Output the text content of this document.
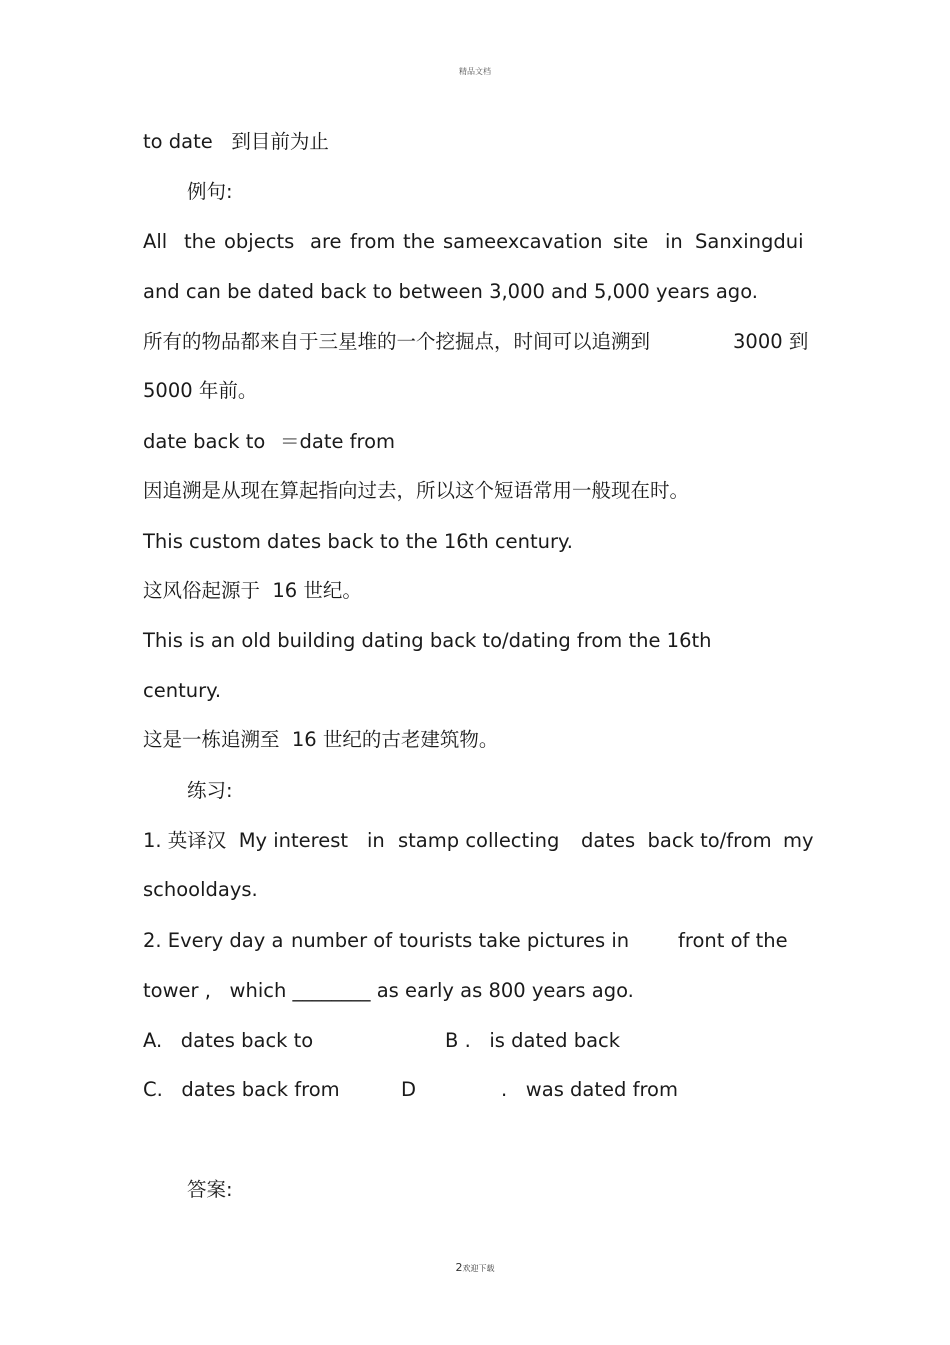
精品文档
to date   到目前为止
例句:
All the objects are from the sameexcavation site in Sanxingdui
and can be dated back to between 3,000 and 5,000 years ago.
所有的物品都来自于三星堆的一个挖掘点，时间可以追溯到	3000 到
5000 年前。
date back to ＝date from
因追溯是从现在算起指向过去，所以这个短语常用一般现在时。
This custom dates back to the 16th century.
这风俗起源于  16 世纪。
This is an old building dating back to/dating from the 16th
century.
这是一栋追溯至  16 世纪的古老建筑物。
练习:
1. 英译汉  My interest in stamp collecting dates  back to/from my
schooldays.
2. Every day a number of tourists take pictures in	front of the
tower ,   which ________ as early as 800 years ago.
A.   dates back to	B .   is dated back
C.   dates back from	D	.   was dated from
答案:
2欢迎下载
